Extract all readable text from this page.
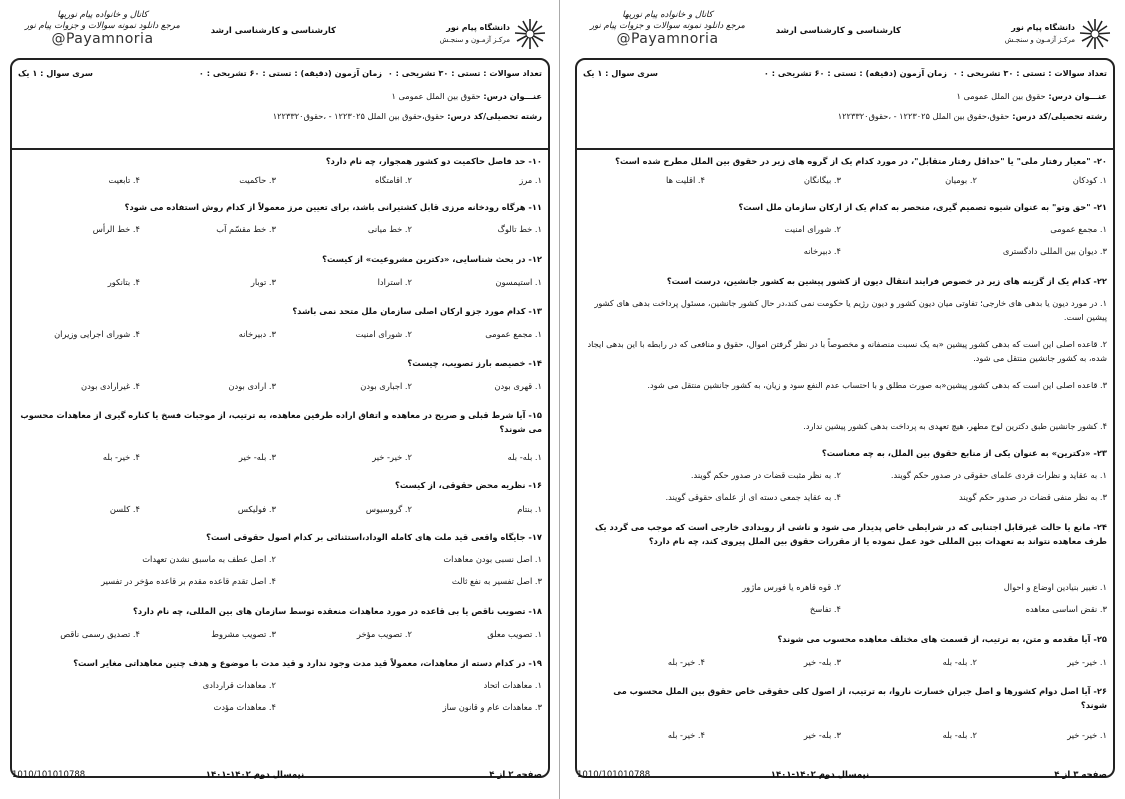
دانشگاه پیام نور
مرکـز آزمـون و سنجـش
کارشناسی و کارشناسی ارشد
کانال و خانواده پیام نوریها
مرجع دانلود نمونه سوالات و جزوات پیام نور
@Payamnoria
تعداد سوالات : تستی : ۳۰ تشریحی : ۰
زمان آزمون (دقیقه) : تستی : ۶۰ تشریحی : ۰
سری سوال : ۱ یک
عنـــوان درس: حقوق بین الملل عمومی ۱
رشته تحصیلی/کد درس: حقوق،حقوق بین الملل ۱۲۲۳۰۲۵ - ،حقوق۱۲۲۳۳۲۰
۱۰- حد فاصل حاکمیت دو کشور همجوار، چه نام دارد؟
۱. مرز
۲. اقامتگاه
۳. حاکمیت
۴. تابعیت
۱۱- هرگاه رودخانه مرزی قابل کشتیرانی باشد، برای تعیین مرز معمولاً از کدام روش استفاده می شود؟
۱. خط تالوگ
۲. خط میانی
۳. خط مقسّم آب
۴. خط الرأس
۱۲- در بحث شناسایی، «دکترین مشروعیت» از کیست؟
۱. استیمسون
۲. استرادا
۳. توبار
۴. بتانکور
۱۳- کدام مورد جزو ارکان اصلی سازمان ملل متحد نمی باشد؟
۱. مجمع عمومی
۲. شورای امنیت
۳. دبیرخانه
۴. شورای اجرایی وزیران
۱۴- خصیصه بارز تصویب، چیست؟
۱. قهری بودن
۲. اجباری بودن
۳. ارادی بودن
۴. غیرارادی بودن
۱۵- آیا شرط قبلی و صریح در معاهده و اتفاق اراده طرفین معاهده، به ترتیب، از موجبات فسخ یا کناره گیری از معاهدات محسوب می شوند؟
۱. بله- بله
۲. خیر- خیر
۳. بله- خیر
۴. خیر- بله
۱۶- نظریه محض حقوقی، از کیست؟
۱. بنتام
۲. گروسیوس
۳. فولیکس
۴. کلسن
۱۷- جایگاه واقعی قید ملت های کامله الوداد،استثنائی بر کدام اصول حقوقی است؟
۱. اصل نسبی بودن معاهدات
۲. اصل عطف به ماسبق نشدن تعهدات
۳. اصل تفسیر به نفع ثالث
۴. اصل تقدم قاعده مقدم بر قاعده مؤخر در تفسیر
۱۸- تصویب ناقص یا بی قاعده در مورد معاهدات منعقده توسط سازمان های بین المللی، چه نام دارد؟
۱. تصویب معلق
۲. تصویب مؤخر
۳. تصویب مشروط
۴. تصدیق رسمی ناقص
۱۹- در کدام دسته از معاهدات، معمولاً قید مدت وجود ندارد و قید مدت با موضوع و هدف چنین معاهداتی مغایر است؟
۱. معاهدات اتحاد
۲. معاهدات قراردادی
۳. معاهدات عام و قانون ساز
۴. معاهدات مؤدت
صفحه ۲ از ۴
نیمسال دوم ۱۴۰۲-۱۴۰۱
1010/101010788
دانشگاه پیام نور
مرکـز آزمـون و سنجـش
کارشناسی و کارشناسی ارشد
کانال و خانواده پیام نوریها
مرجع دانلود نمونه سوالات و جزوات پیام نور
@Payamnoria
تعداد سوالات : تستی : ۳۰ تشریحی : ۰
زمان آزمون (دقیقه) : تستی : ۶۰ تشریحی : ۰
سری سوال : ۱ یک
عنـــوان درس: حقوق بین الملل عمومی ۱
رشته تحصیلی/کد درس: حقوق،حقوق بین الملل ۱۲۲۳۰۲۵ - ،حقوق۱۲۲۳۳۲۰
۲۰- "معیار رفتار ملی" یا "حداقل رفتار متقابل"، در مورد کدام یک از گروه های زیر در حقوق بین الملل مطرح شده است؟
۱. کودکان
۲. بومیان
۳. بیگانگان
۴. اقلیت ها
۲۱- "حق وتو" به عنوان شیوه تصمیم گیری، منحصر به کدام یک از ارکان سازمان ملل است؟
۱. مجمع عمومی
۲. شورای امنیت
۳. دیوان بین المللی دادگستری
۴. دبیرخانه
۲۲- کدام یک از گزینه های زیر در خصوص فرایند انتقال دیون از کشور پیشین به کشور جانشین، درست است؟
۱. در مورد دیون یا بدهی های خارجی؛ تفاوتی میان دیون کشور و دیون رژیم یا حکومت نمی کند،در حال کشور جانشین، مسئول پرداخت بدهی های کشور پیشین است.
۲. قاعده اصلی این است که بدهی کشور پیشین «به یک نسبت منصفانه و مخصوصاً با در نظر گرفتن اموال، حقوق و منافعی که در رابطه با این بدهی ایجاد شده، به کشور جانشین منتقل می شود.
۳. قاعده اصلی این است که بدهی کشور پیشین«به صورت مطلق و با احتساب عدم النفع سود و زیان، به کشور جانشین منتقل می شود.
۴. کشور جانشین طبق دکترین لوح مطهر، هیچ تعهدی به پرداخت بدهی کشور پیشین ندارد.
۲۳- «دکترین» به عنوان یکی از منابع حقوق بین الملل، به چه معناست؟
۱. به عقاید و نظرات فردی علمای حقوقی در صدور حکم گویند.
۲. به نظر مثبت قضات در صدور حکم گویند.
۳. به نظر منفی قضات در صدور حکم گویند
۴. به عقاید جمعی دسته ای از علمای حقوقی گویند.
۲۴- مانع یا حالت غیرقابل اجتنابی که در شرایطی خاص پدیدار می شود و ناشی از رویدادی خارجی است که موجب می گردد یک طرف معاهده نتواند به تعهدات بین المللی خود عمل نموده یا از مقررات حقوق بین الملل پیروی کند، چه نام دارد؟
۱. تغییر بنیادین اوضاع و احوال
۲. قوه قاهره یا فورس ماژور
۳. نقض اساسی معاهده
۴. تفاسخ
۲۵- آیا مقدمه و متن، به ترتیب، از قسمت های مختلف معاهده محسوب می شوند؟
۱. خیر- خیر
۲. بله- بله
۳. بله- خیر
۴. خیر- بله
۲۶- آیا اصل دوام کشورها و اصل جبران خسارت ناروا، به ترتیب، از اصول کلی حقوقی خاص حقوق بین الملل محسوب می شوند؟
۱. خیر- خیر
۲. بله- بله
۳. بله- خیر
۴. خیر- بله
صفحه ۳ از ۴
نیمسال دوم ۱۴۰۲-۱۴۰۱
1010/101010788
